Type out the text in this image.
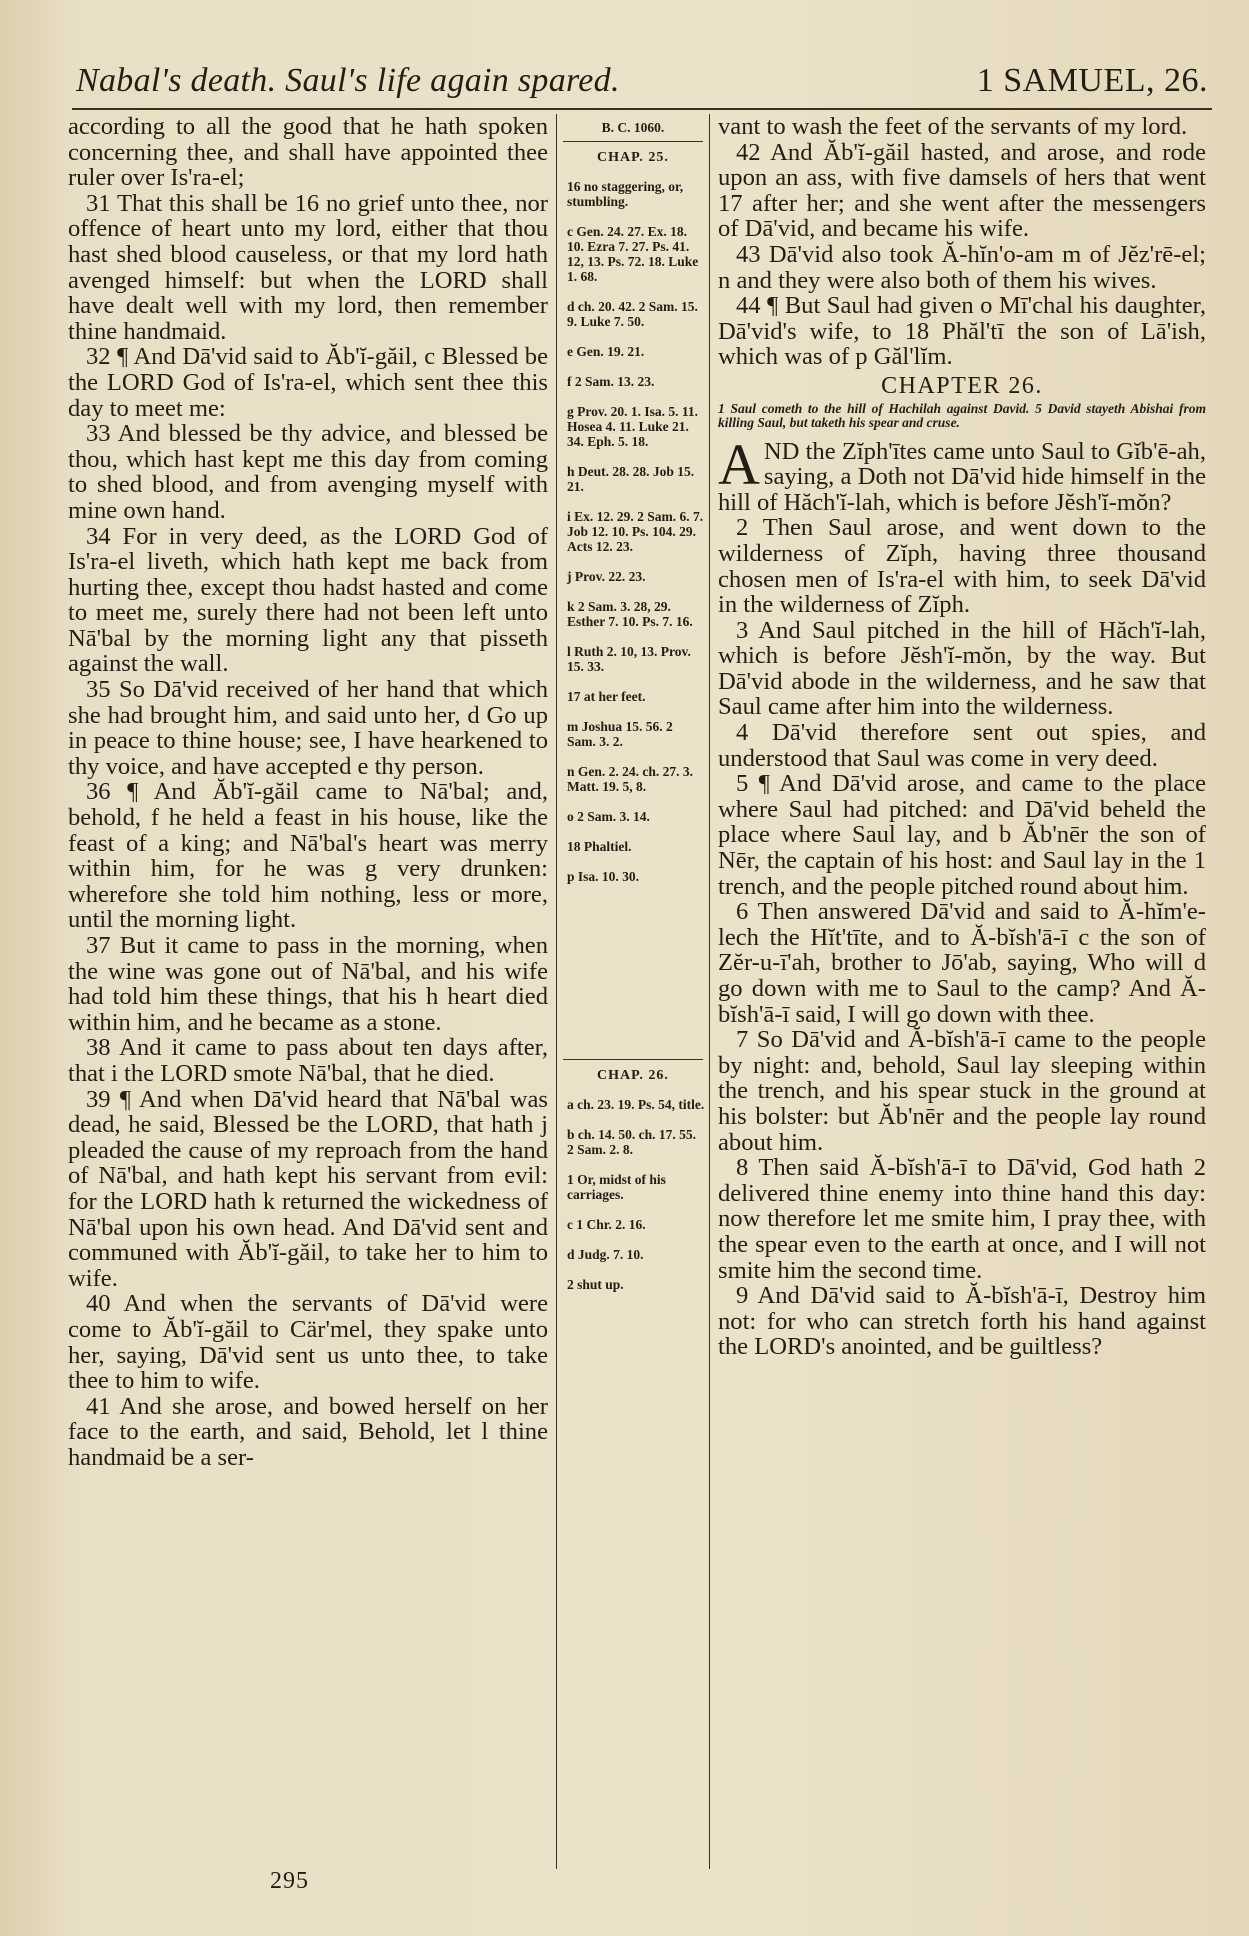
Nabal's death. Saul's life again spared.	1 SAMUEL, 26.

according to all the good that he hath spoken concerning thee, and shall have appointed thee ruler over Is'ra-el;

31 That this shall be 16 no grief unto thee, nor offence of heart unto my lord, either that thou hast shed blood causeless, or that my lord hath avenged himself: but when the LORD shall have dealt well with my lord, then remember thine handmaid.

32 ¶ And Dā'vid said to Ăb'ĭ-găil, c Blessed be the LORD God of Is'ra-el, which sent thee this day to meet me:

33 And blessed be thy advice, and blessed be thou, which hast kept me this day from coming to shed blood, and from avenging myself with mine own hand.

34 For in very deed, as the LORD God of Is'ra-el liveth, which hath kept me back from hurting thee, except thou hadst hasted and come to meet me, surely there had not been left unto Nā'bal by the morning light any that pisseth against the wall.

35 So Dā'vid received of her hand that which she had brought him, and said unto her, d Go up in peace to thine house; see, I have hearkened to thy voice, and have accepted e thy person.

36 ¶ And Ăb'ĭ-găil came to Nā'bal; and, behold, f he held a feast in his house, like the feast of a king; and Nā'bal's heart was merry within him, for he was g very drunken: wherefore she told him nothing, less or more, until the morning light.

37 But it came to pass in the morning, when the wine was gone out of Nā'bal, and his wife had told him these things, that his h heart died within him, and he became as a stone.

38 And it came to pass about ten days after, that i the LORD smote Nā'bal, that he died.

39 ¶ And when Dā'vid heard that Nā'bal was dead, he said, Blessed be the LORD, that hath j pleaded the cause of my reproach from the hand of Nā'bal, and hath kept his servant from evil: for the LORD hath k returned the wickedness of Nā'bal upon his own head. And Dā'vid sent and communed with Ăb'ĭ-găil, to take her to him to wife.

40 And when the servants of Dā'vid were come to Ăb'ĭ-găil to Cär'mel, they spake unto her, saying, Dā'vid sent us unto thee, to take thee to him to wife.

41 And she arose, and bowed herself on her face to the earth, and said, Behold, let l thine handmaid be a ser-

B. C. 1060.
CHAP. 25.
16 no staggering, or, stumbling.
c Gen. 24. 27. Ex. 18. 10. Ezra 7. 27. Ps. 41. 12, 13. Ps. 72. 18. Luke 1. 68.
d ch. 20. 42. 2 Sam. 15. 9. Luke 7. 50.
e Gen. 19. 21.
f 2 Sam. 13. 23.
g Prov. 20. 1. Isa. 5. 11. Hosea 4. 11. Luke 21. 34. Eph. 5. 18.
h Deut. 28. 28. Job 15. 21.
i Ex. 12. 29. 2 Sam. 6. 7. Job 12. 10. Ps. 104. 29. Acts 12. 23.
j Prov. 22. 23.
k 2 Sam. 3. 28, 29. Esther 7. 10. Ps. 7. 16.
l Ruth 2. 10, 13. Prov. 15. 33.
17 at her feet.
m Joshua 15. 56. 2 Sam. 3. 2.
n Gen. 2. 24. ch. 27. 3. Matt. 19. 5, 8.
o 2 Sam. 3. 14.
18 Phaltiel.
p Isa. 10. 30.
CHAP. 26.
a ch. 23. 19. Ps. 54, title.
b ch. 14. 50. ch. 17. 55. 2 Sam. 2. 8.
1 Or, midst of his carriages.
c 1 Chr. 2. 16.
d Judg. 7. 10.
2 shut up.

vant to wash the feet of the servants of my lord.

42 And Ăb'ĭ-găil hasted, and arose, and rode upon an ass, with five damsels of hers that went 17 after her; and she went after the messengers of Dā'vid, and became his wife.

43 Dā'vid also took Ă-hĭn'o-am m of Jĕz'rē-el; n and they were also both of them his wives.

44 ¶ But Saul had given o Mī'chal his daughter, Dā'vid's wife, to 18 Phăl'tī the son of Lā'ish, which was of p Găl'lĭm.

CHAPTER 26.

1 Saul cometh to the hill of Hachilah against David. 5 David stayeth Abishai from killing Saul, but taketh his spear and cruse.

AND the Zĭph'ītes came unto Saul to Gĭb'ē-ah, saying, a Doth not Dā'vid hide himself in the hill of Hăch'ĭ-lah, which is before Jĕsh'ĭ-mŏn?

2 Then Saul arose, and went down to the wilderness of Zĭph, having three thousand chosen men of Is'ra-el with him, to seek Dā'vid in the wilderness of Zĭph.

3 And Saul pitched in the hill of Hăch'ĭ-lah, which is before Jĕsh'ĭ-mŏn, by the way. But Dā'vid abode in the wilderness, and he saw that Saul came after him into the wilderness.

4 Dā'vid therefore sent out spies, and understood that Saul was come in very deed.

5 ¶ And Dā'vid arose, and came to the place where Saul had pitched: and Dā'vid beheld the place where Saul lay, and b Ăb'nēr the son of Nēr, the captain of his host: and Saul lay in the 1 trench, and the people pitched round about him.

6 Then answered Dā'vid and said to Ă-hĭm'e-lech the Hĭt'tīte, and to Ă-bĭsh'ā-ī c the son of Zĕr-u-ī'ah, brother to Jō'ab, saying, Who will d go down with me to Saul to the camp? And Ă-bĭsh'ā-ī said, I will go down with thee.

7 So Dā'vid and Ă-bĭsh'ā-ī came to the people by night: and, behold, Saul lay sleeping within the trench, and his spear stuck in the ground at his bolster: but Ăb'nēr and the people lay round about him.

8 Then said Ă-bĭsh'ā-ī to Dā'vid, God hath 2 delivered thine enemy into thine hand this day: now therefore let me smite him, I pray thee, with the spear even to the earth at once, and I will not smite him the second time.

9 And Dā'vid said to Ă-bĭsh'ā-ī, Destroy him not: for who can stretch forth his hand against the LORD's anointed, and be guiltless?

295
